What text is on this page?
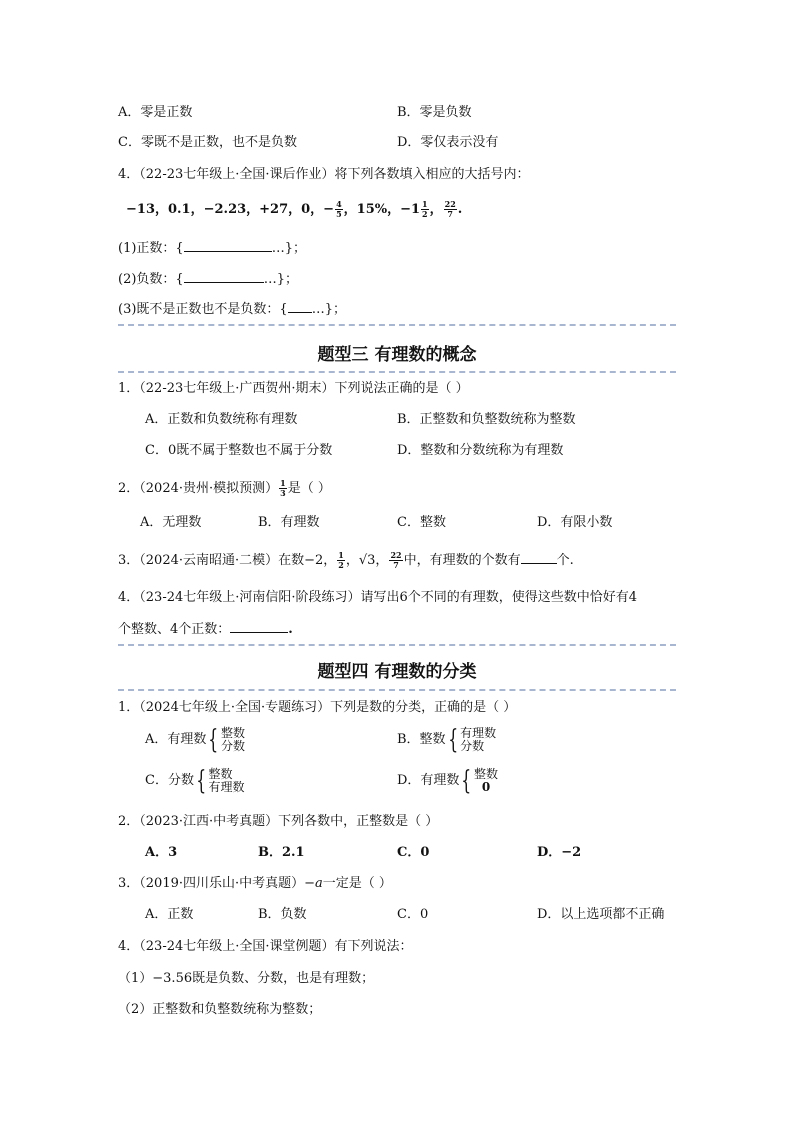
A．零是正数	B．零是负数
C．零既不是正数，也不是负数	D．零仅表示没有
4．（22-23七年级上·全国·课后作业）将下列各数填入相应的大括号内：
−13，0.1，−2.23，+27，0，− $\frac{4}{5}$ ，15%，$-1 \frac{1}{2}$ ， $\frac{22}{7}$ .
(1)正数：{	…}；
(2)负数：{	…}；
(3)既不是正数也不是负数：{ …}；
题型三 有理数的概念
1．（22-23七年级上·广西贺州·期末）下列说法正确的是（ ）
A．正数和负数统称有理数	B．正整数和负整数统称为整数
C．0既不属于整数也不属于分数	D．整数和分数统称为有理数
2．（2024·贵州·模拟预测） $\frac{1}{3}$ 是（ ）
A．无理数	B．有理数	C．整数	D．有限小数
3．（2024·云南昭通·二模）在数−2， $\frac{1}{2}$ ，√3， $\frac{22}{7}$ 中，有理数的个数有	个.
4．（23-24七年级上·河南信阳·阶段练习）请写出6个不同的有理数，使得这些数中恰好有4
个整数、4个正数：	.
题型四 有理数的分类
1．（2024七年级上·全国·专题练习）下列是数的分类，正确的是（ ）
A．有理数{ 整数
分数	B．整数{ 有理数
分数
C．分数{ 整数
有理数	D．有理数{ 整数
0
2．（2023·江西·中考真题）下列各数中，正整数是（ ）
A．3	B．2.1	C．0	D．−2
3．（2019·四川乐山·中考真题）−a一定是（ ）
A．正数	B．负数	C．0	D．以上选项都不正确
4．（23-24七年级上·全国·课堂例题）有下列说法：
（1）−3.56既是负数、分数，也是有理数；
（2）正整数和负整数统称为整数；
